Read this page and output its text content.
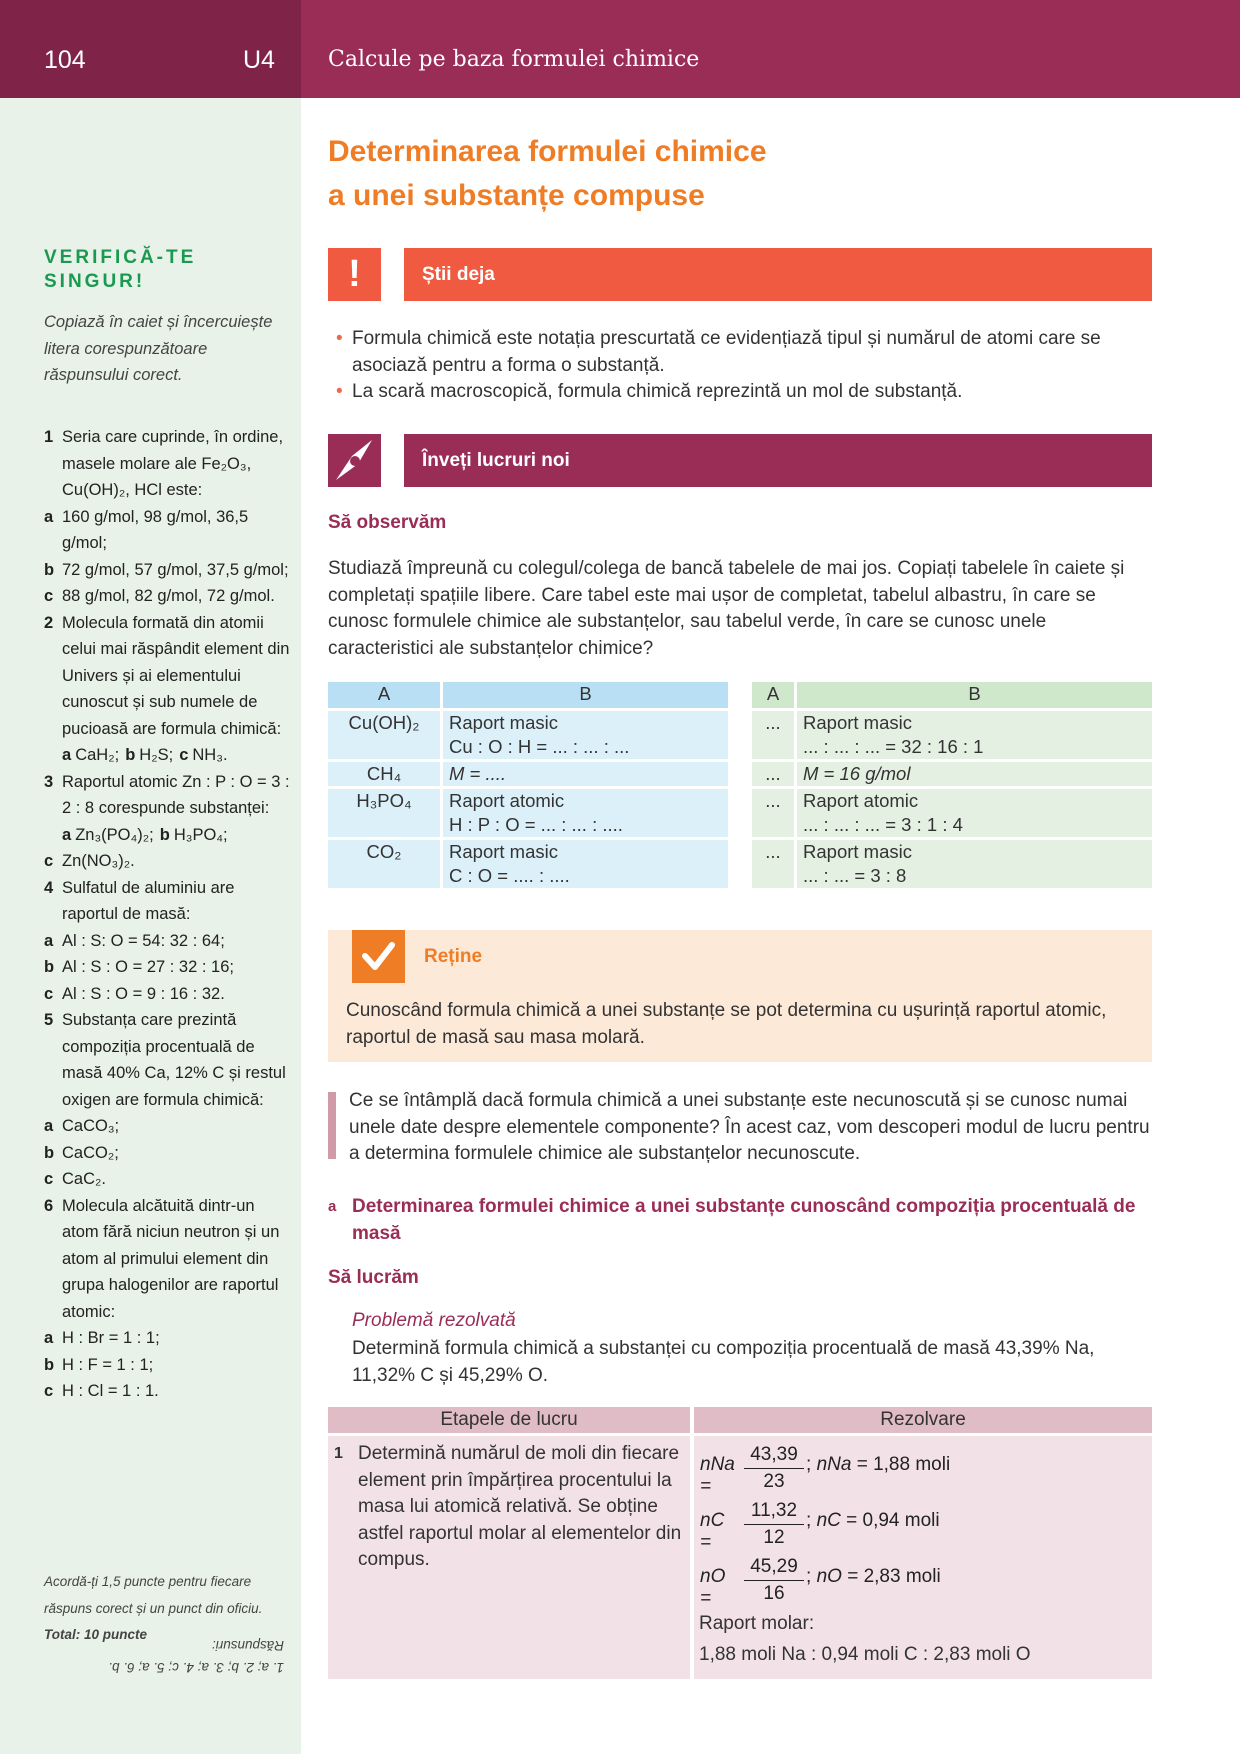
104	U4 Calcule pe baza formulei chimice
VERIFICĂ-TE SINGUR!
Copiază în caiet și încercuiește litera corespunzătoare răspunsului corect.
1 Seria care cuprinde, în ordine, masele molare ale Fe₂O₃, Cu(OH)₂, HCl este:
a 160 g/mol, 98 g/mol, 36,5 g/mol;
b 72 g/mol, 57 g/mol, 37,5 g/mol;
c 88 g/mol, 82 g/mol, 72 g/mol.
2 Molecula formată din atomii celui mai răspândit element din Univers și ai elementului cunoscut și sub numele de pucioasă are formula chimică:
a CaH₂; b H₂S; c NH₃.
3 Raportul atomic Zn : P : O = 3 : 2 : 8 corespunde substanței:
a Zn₃(PO₄)₂; b H₃PO₄;
c Zn(NO₃)₂.
4 Sulfatul de aluminiu are raportul de masă:
a Al : S: O = 54: 32 : 64;
b Al : S : O = 27 : 32 : 16;
c Al : S : O = 9 : 16 : 32.
5 Substanța care prezintă compoziția procentuală de masă 40% Ca, 12% C și restul oxigen are formula chimică:
a CaCO₃;
b CaCO₂;
c CaC₂.
6 Molecula alcătuită dintr-un atom fără niciun neutron și un atom al primului element din grupa halogenilor are raportul atomic:
a H : Br = 1 : 1;
b H : F = 1 : 1;
c H : Cl = 1 : 1.
Acordă-ți 1,5 puncte pentru fiecare răspuns corect și un punct din oficiu.
Total: 10 puncte
1. a; 2. b; 3. a; 4. c; 5. a; 6. b.
Răspunsuri:
Determinarea formulei chimice
a unei substanțe compuse
!	Știi deja
• Formula chimică este notația prescurtată ce evidențiază tipul și numărul de atomi care se asociază pentru a forma o substanță.
• La scară macroscopică, formula chimică reprezintă un mol de substanță.
Înveți lucruri noi
Să observăm
Studiază împreună cu colegul/colega de bancă tabelele de mai jos. Copiați tabelele în caiete și completați spațiile libere. Care tabel este mai ușor de completat, tabelul albastru, în care se cunosc formulele chimice ale substanțelor, sau tabelul verde, în care se cunosc unele caracteristici ale substanțelor chimice?
A	B
Cu(OH)₂	Raport masic
Cu : O : H = ... : ... : ...

CH₄	M = ....

H₃PO₄	Raport atomic
H : P : O = ... : ... : ....

CO₂	Raport masic
C : O = .... : ....
A	B
...	Raport masic
... : ... : ... = 32 : 16 : 1

...	M = 16 g/mol

...	Raport atomic
... : ... : ... = 3 : 1 : 4

...	Raport masic
... : ... = 3 : 8
Reține
Cunoscând formula chimică a unei substanțe se pot determina cu ușurință raportul atomic, raportul de masă sau masa molară.
Ce se întâmplă dacă formula chimică a unei substanțe este necunoscută și se cunosc numai unele date despre elementele componente? În acest caz, vom descoperi modul de lucru pentru a determina formulele chimice ale substanțelor necunoscute.
a Determinarea formulei chimice a unei substanțe cunoscând compoziția procentuală de masă
Să lucrăm
Problemă rezolvată
Determină formula chimică a substanței cu compoziția procentuală de masă 43,39% Na, 11,32% C și 45,29% O.
Etapele de lucru	Rezolvare
1 Determină numărul de moli din fiecare element prin împărțirea procentului la masa lui atomică relativă. Se obține astfel raportul molar al elementelor din compus.
nNa =	$\frac{43,39}{23}$ ; nNa = 1,88 moli
nC =	$\frac{11,32}{12}$ ; nC = 0,94 moli
nO =	$\frac{45,29}{16}$ ; nO = 2,83 moli
Raport molar:
1,88 moli Na : 0,94 moli C : 2,83 moli O
